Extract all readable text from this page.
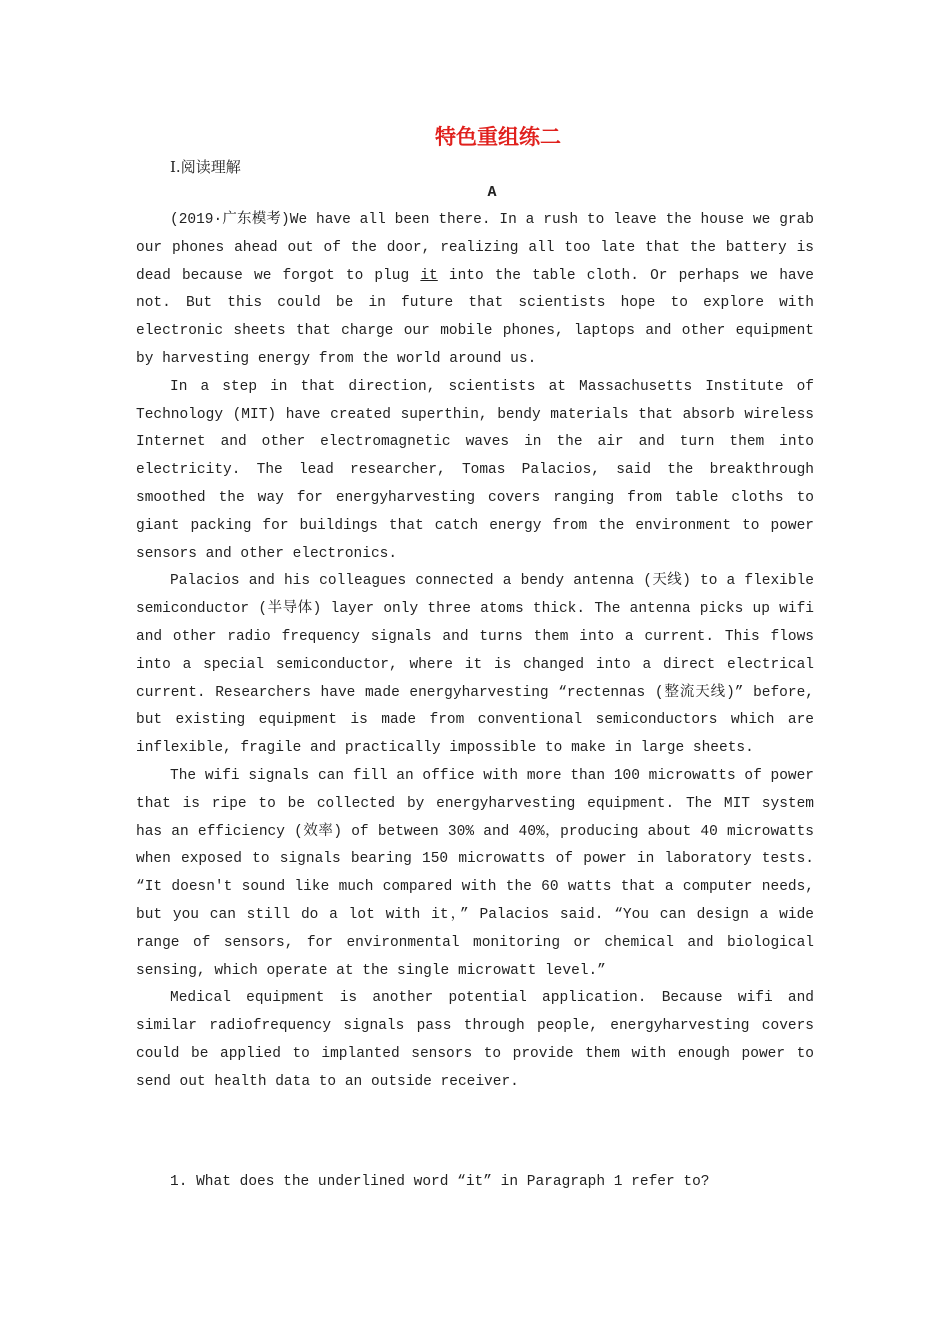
特色重组练二
Ⅰ.阅读理解
A

(2019·广东模考)We have all been there. In a rush to leave the house we grab our phones ahead out of the door, realizing all too late that the battery is dead because we forgot to plug it into the table cloth. Or perhaps we have not. But this could be in future that scientists hope to explore with electronic sheets that charge our mobile phones, laptops and other equipment by harvesting energy from the world around us.

In a step in that direction, scientists at Massachusetts Institute of Technology (MIT) have created superthin, bendy materials that absorb wireless Internet and other electromagnetic waves in the air and turn them into electricity. The lead researcher, Tomas Palacios, said the breakthrough smoothed the way for energyharvesting covers ranging from table cloths to giant packing for buildings that catch energy from the environment to power sensors and other electronics.

Palacios and his colleagues connected a bendy antenna (天线) to a flexible semiconductor (半导体) layer only three atoms thick. The antenna picks up wifi and other radio frequency signals and turns them into a current. This flows into a special semiconductor, where it is changed into a direct electrical current. Researchers have made energyharvesting “rectennas (整流天线)” before, but existing equipment is made from conventional semiconductors which are inflexible, fragile and practically impossible to make in large sheets.

The wifi signals can fill an office with more than 100 microwatts of power that is ripe to be collected by energyharvesting equipment. The MIT system has an efficiency (效率) of between 30% and 40%，producing about 40 microwatts when exposed to signals bearing 150 microwatts of power in laboratory tests. “It doesn't sound like much compared with the 60 watts that a computer needs, but you can still do a lot with it，” Palacios said. “You can design a wide range of sensors, for environmental monitoring or chemical and biological sensing, which operate at the single microwatt level.”

Medical equipment is another potential application. Because wifi and similar radiofrequency signals pass through people, energyharvesting covers could be applied to implanted sensors to provide them with enough power to send out health data to an outside receiver.

1. What does the underlined word “it” in Paragraph 1 refer to?
